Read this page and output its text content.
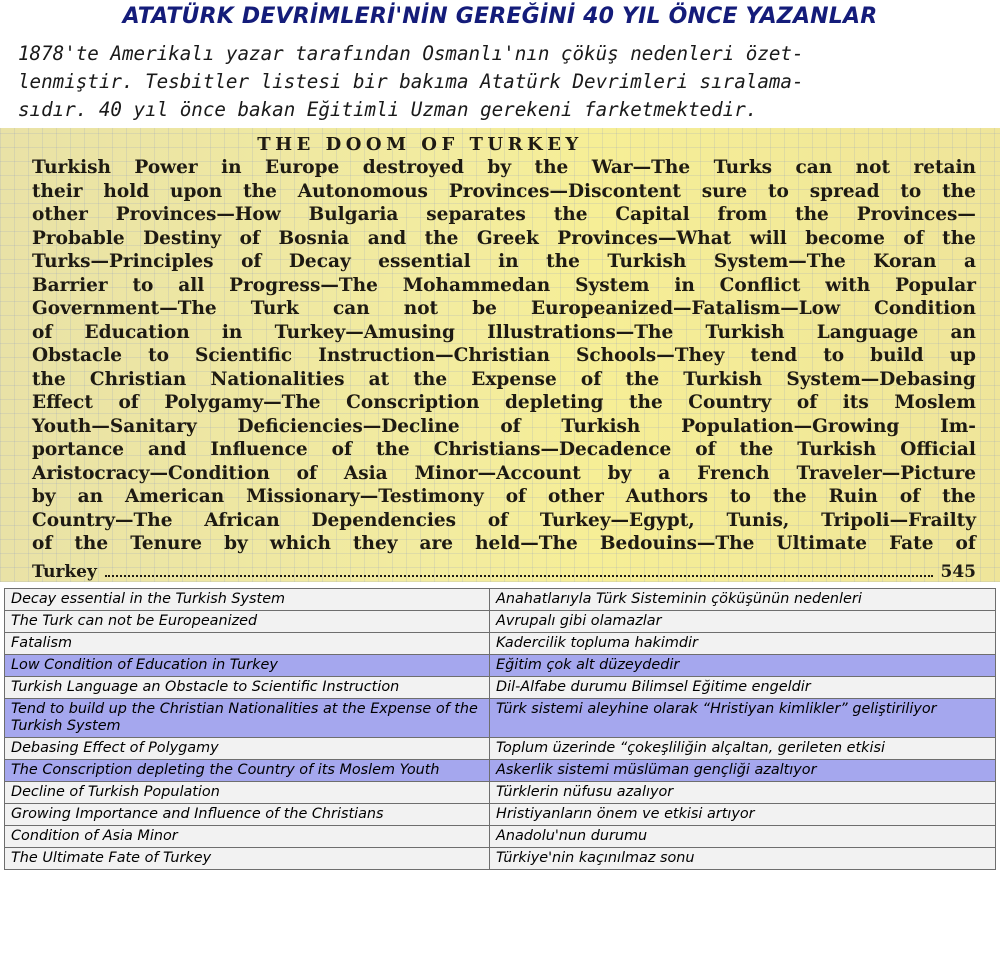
ATATÜRK DEVRİMLERİ'NİN GEREĞİNİ 40 YIL ÖNCE YAZANLAR
1878'te Amerikalı yazar tarafından Osmanlı'nın çöküş nedenleri özet-
lenmiştir. Tesbitler listesi bir bakıma Atatürk Devrimleri sıralama-
sıdır. 40 yıl önce bakan Eğitimli Uzman gerekeni farketmektedir.
THE DOOM OF TURKEY
Turkish Power in Europe destroyed by the War—The Turks can not retain
their hold upon the Autonomous Provinces—Discontent sure to spread to the
other Provinces—How Bulgaria separates the Capital from the Provinces—
Probable Destiny of Bosnia and the Greek Provinces—What will become of the
Turks—Principles of Decay essential in the Turkish System—The Koran a
Barrier to all Progress—The Mohammedan System in Conflict with Popular
Government—The Turk can not be Europeanized—Fatalism—Low Condition
of Education in Turkey—Amusing Illustrations—The Turkish Language an
Obstacle to Scientific Instruction—Christian Schools—They tend to build up
the Christian Nationalities at the Expense of the Turkish System—Debasing
Effect of Polygamy—The Conscription depleting the Country of its Moslem
Youth—Sanitary Deficiencies—Decline of Turkish Population—Growing Im-
portance and Influence of the Christians—Decadence of the Turkish Official
Aristocracy—Condition of Asia Minor—Account by a French Traveler—Picture
by an American Missionary—Testimony of other Authors to the Ruin of the
Country—The African Dependencies of Turkey—Egypt, Tunis, Tripoli—Frailty
of the Tenure by which they are held—The Bedouins—The Ultimate Fate of
Turkey	545
Decay essential in the Turkish System	Anahatlarıyla Türk Sisteminin çöküşünün nedenleri
The Turk can not be Europeanized	Avrupalı gibi olamazlar
Fatalism	Kadercilik topluma hakimdir
Low Condition of Education in Turkey	Eğitim çok alt düzeydedir
Turkish Language an Obstacle to Scientific Instruction	Dil-Alfabe durumu Bilimsel Eğitime engeldir
Tend to build up the Christian Nationalities at the Expense of the Turkish System	Türk sistemi aleyhine olarak “Hristiyan kimlikler” geliştiriliyor
Debasing Effect of Polygamy	Toplum üzerinde “çokeşliliğin alçaltan, gerileten etkisi
The Conscription depleting the Country of its Moslem Youth	Askerlik sistemi müslüman gençliği azaltıyor
Decline of Turkish Population	Türklerin nüfusu azalıyor
Growing Importance and Influence of the Christians	Hristiyanların önem ve etkisi artıyor
Condition of Asia Minor	Anadolu'nun durumu
The Ultimate Fate of Turkey	Türkiye'nin kaçınılmaz sonu
